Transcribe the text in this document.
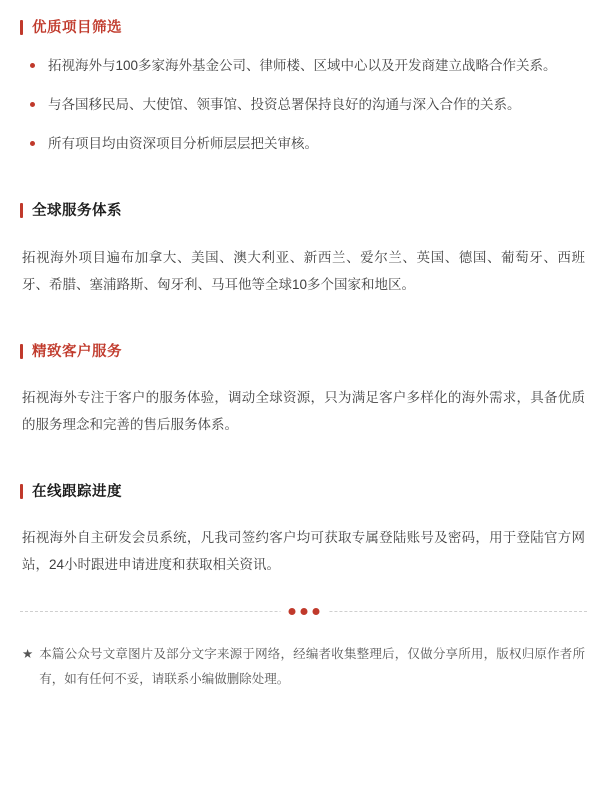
优质项目筛选
拓视海外与100多家海外基金公司、律师楼、区域中心以及开发商建立战略合作关系。
与各国移民局、大使馆、领事馆、投资总署保持良好的沟通与深入合作的关系。
所有项目均由资深项目分析师层层把关审核。
全球服务体系

拓视海外项目遍布加拿大、美国、澳大利亚、新西兰、爱尔兰、英国、德国、葡萄牙、西班牙、希腊、塞浦路斯、匈牙利、马耳他等全球10多个国家和地区。

精致客户服务

拓视海外专注于客户的服务体验，调动全球资源，只为满足客户多样化的海外需求，具备优质的服务理念和完善的售后服务体系。

在线跟踪进度

拓视海外自主研发会员系统，凡我司签约客户均可获取专属登陆账号及密码，用于登陆官方网站，24小时跟进申请进度和获取相关资讯。

★ 本篇公众号文章图片及部分文字来源于网络，经编者收集整理后，仅做分享所用，版权归原作者所有，如有任何不妥，请联系小编做删除处理。
